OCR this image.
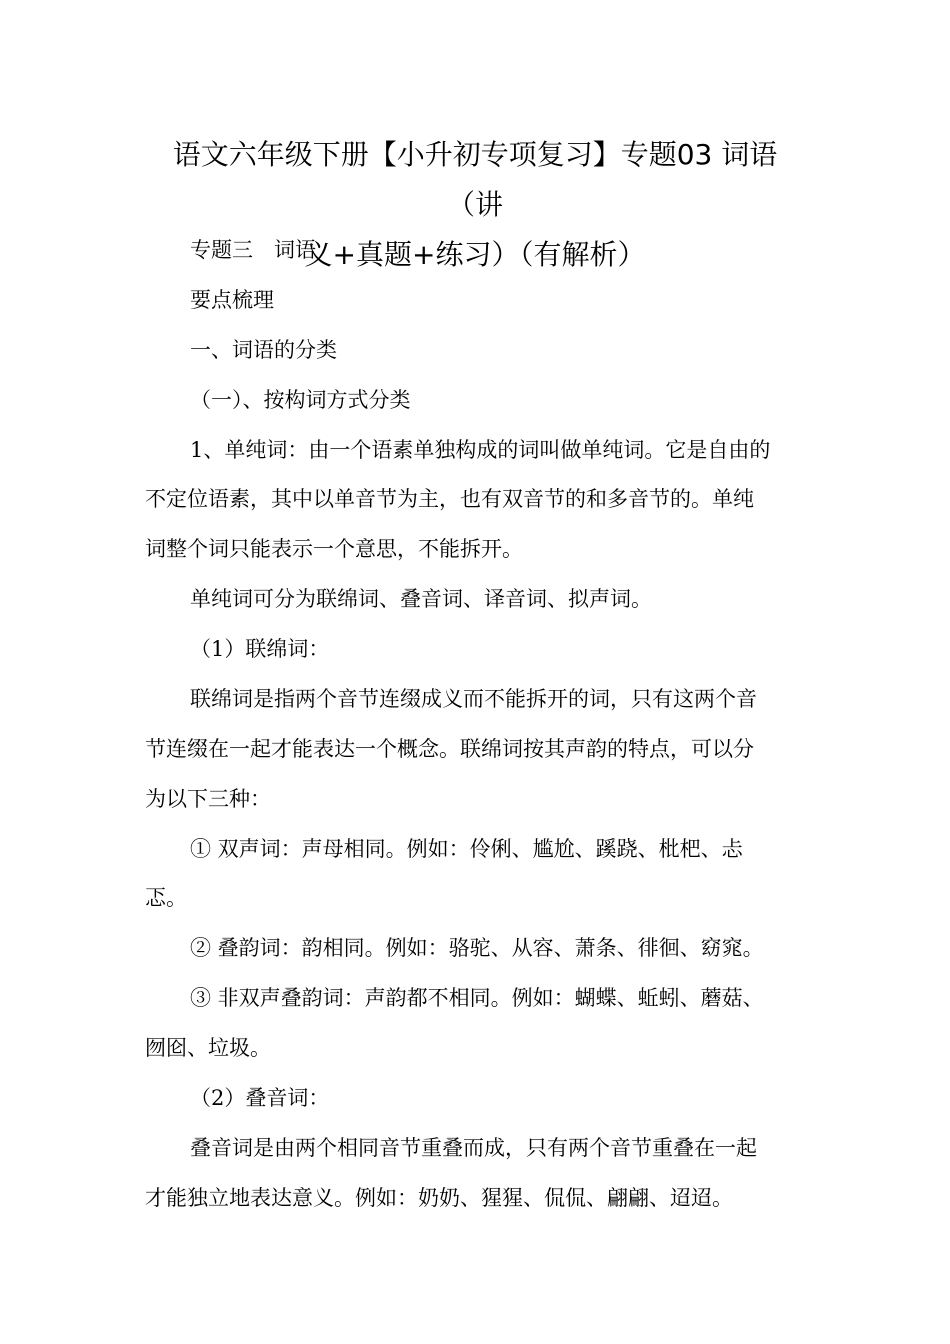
语文六年级下册【小升初专项复习】专题03 词语（讲
义+真题+练习）（有解析）

专题三　词语

要点梳理

一、词语的分类

（一）、按构词方式分类

1、单纯词：由一个语素单独构成的词叫做单纯词。它是自由的

不定位语素，其中以单音节为主，也有双音节的和多音节的。单纯

词整个词只能表示一个意思，不能拆开。

单纯词可分为联绵词、叠音词、译音词、拟声词。

（1）联绵词：

联绵词是指两个音节连缀成义而不能拆开的词，只有这两个音

节连缀在一起才能表达一个概念。联绵词按其声韵的特点，可以分

为以下三种：

① 双声词：声母相同。例如：伶俐、尴尬、蹊跷、枇杷、忐

忑。

② 叠韵词：韵相同。例如：骆驼、从容、萧条、徘徊、窈窕。

③ 非双声叠韵词：声韵都不相同。例如：蝴蝶、蚯蚓、蘑菇、

囫囵、垃圾。

（2）叠音词：

叠音词是由两个相同音节重叠而成，只有两个音节重叠在一起

才能独立地表达意义。例如：奶奶、猩猩、侃侃、翩翩、迢迢。
